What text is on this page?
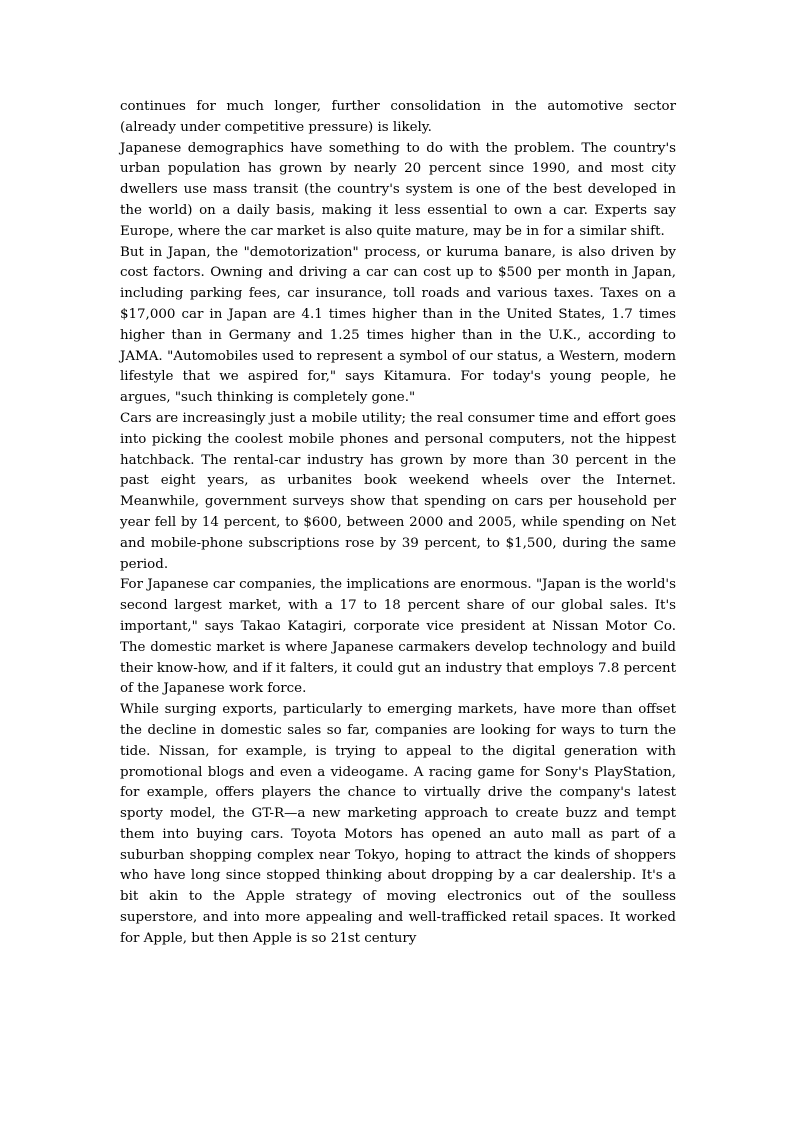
continues for much longer, further consolidation in the automotive sector (already under competitive pressure) is likely.

Japanese demographics have something to do with the problem. The country's urban population has grown by nearly 20 percent since 1990, and most city dwellers use mass transit (the country's system is one of the best developed in the world) on a daily basis, making it less essential to own a car. Experts say Europe, where the car market is also quite mature, may be in for a similar shift.

But in Japan, the "demotorization" process, or kuruma banare, is also driven by cost factors. Owning and driving a car can cost up to $500 per month in Japan, including parking fees, car insurance, toll roads and various taxes. Taxes on a $17,000 car in Japan are 4.1 times higher than in the United States, 1.7 times higher than in Germany and 1.25 times higher than in the U.K., according to JAMA. "Automobiles used to represent a symbol of our status, a Western, modern lifestyle that we aspired for," says Kitamura. For today's young people, he argues, "such thinking is completely gone."

Cars are increasingly just a mobile utility; the real consumer time and effort goes into picking the coolest mobile phones and personal computers, not the hippest hatchback. The rental-car industry has grown by more than 30 percent in the past eight years, as urbanites book weekend wheels over the Internet. Meanwhile, government surveys show that spending on cars per household per year fell by 14 percent, to $600, between 2000 and 2005, while spending on Net and mobile-phone subscriptions rose by 39 percent, to $1,500, during the same period.

For Japanese car companies, the implications are enormous. "Japan is the world's second largest market, with a 17 to 18 percent share of our global sales. It's important," says Takao Katagiri, corporate vice president at Nissan Motor Co. The domestic market is where Japanese carmakers develop technology and build their know-how, and if it falters, it could gut an industry that employs 7.8 percent of the Japanese work force.

While surging exports, particularly to emerging markets, have more than offset the decline in domestic sales so far, companies are looking for ways to turn the tide. Nissan, for example, is trying to appeal to the digital generation with promotional blogs and even a videogame. A racing game for Sony's PlayStation, for example, offers players the chance to virtually drive the company's latest sporty model, the GT-R—a new marketing approach to create buzz and tempt them into buying cars. Toyota Motors has opened an auto mall as part of a suburban shopping complex near Tokyo, hoping to attract the kinds of shoppers who have long since stopped thinking about dropping by a car dealership. It's a bit akin to the Apple strategy of moving electronics out of the soulless superstore, and into more appealing and well-trafficked retail spaces. It worked for Apple, but then Apple is so 21st century
